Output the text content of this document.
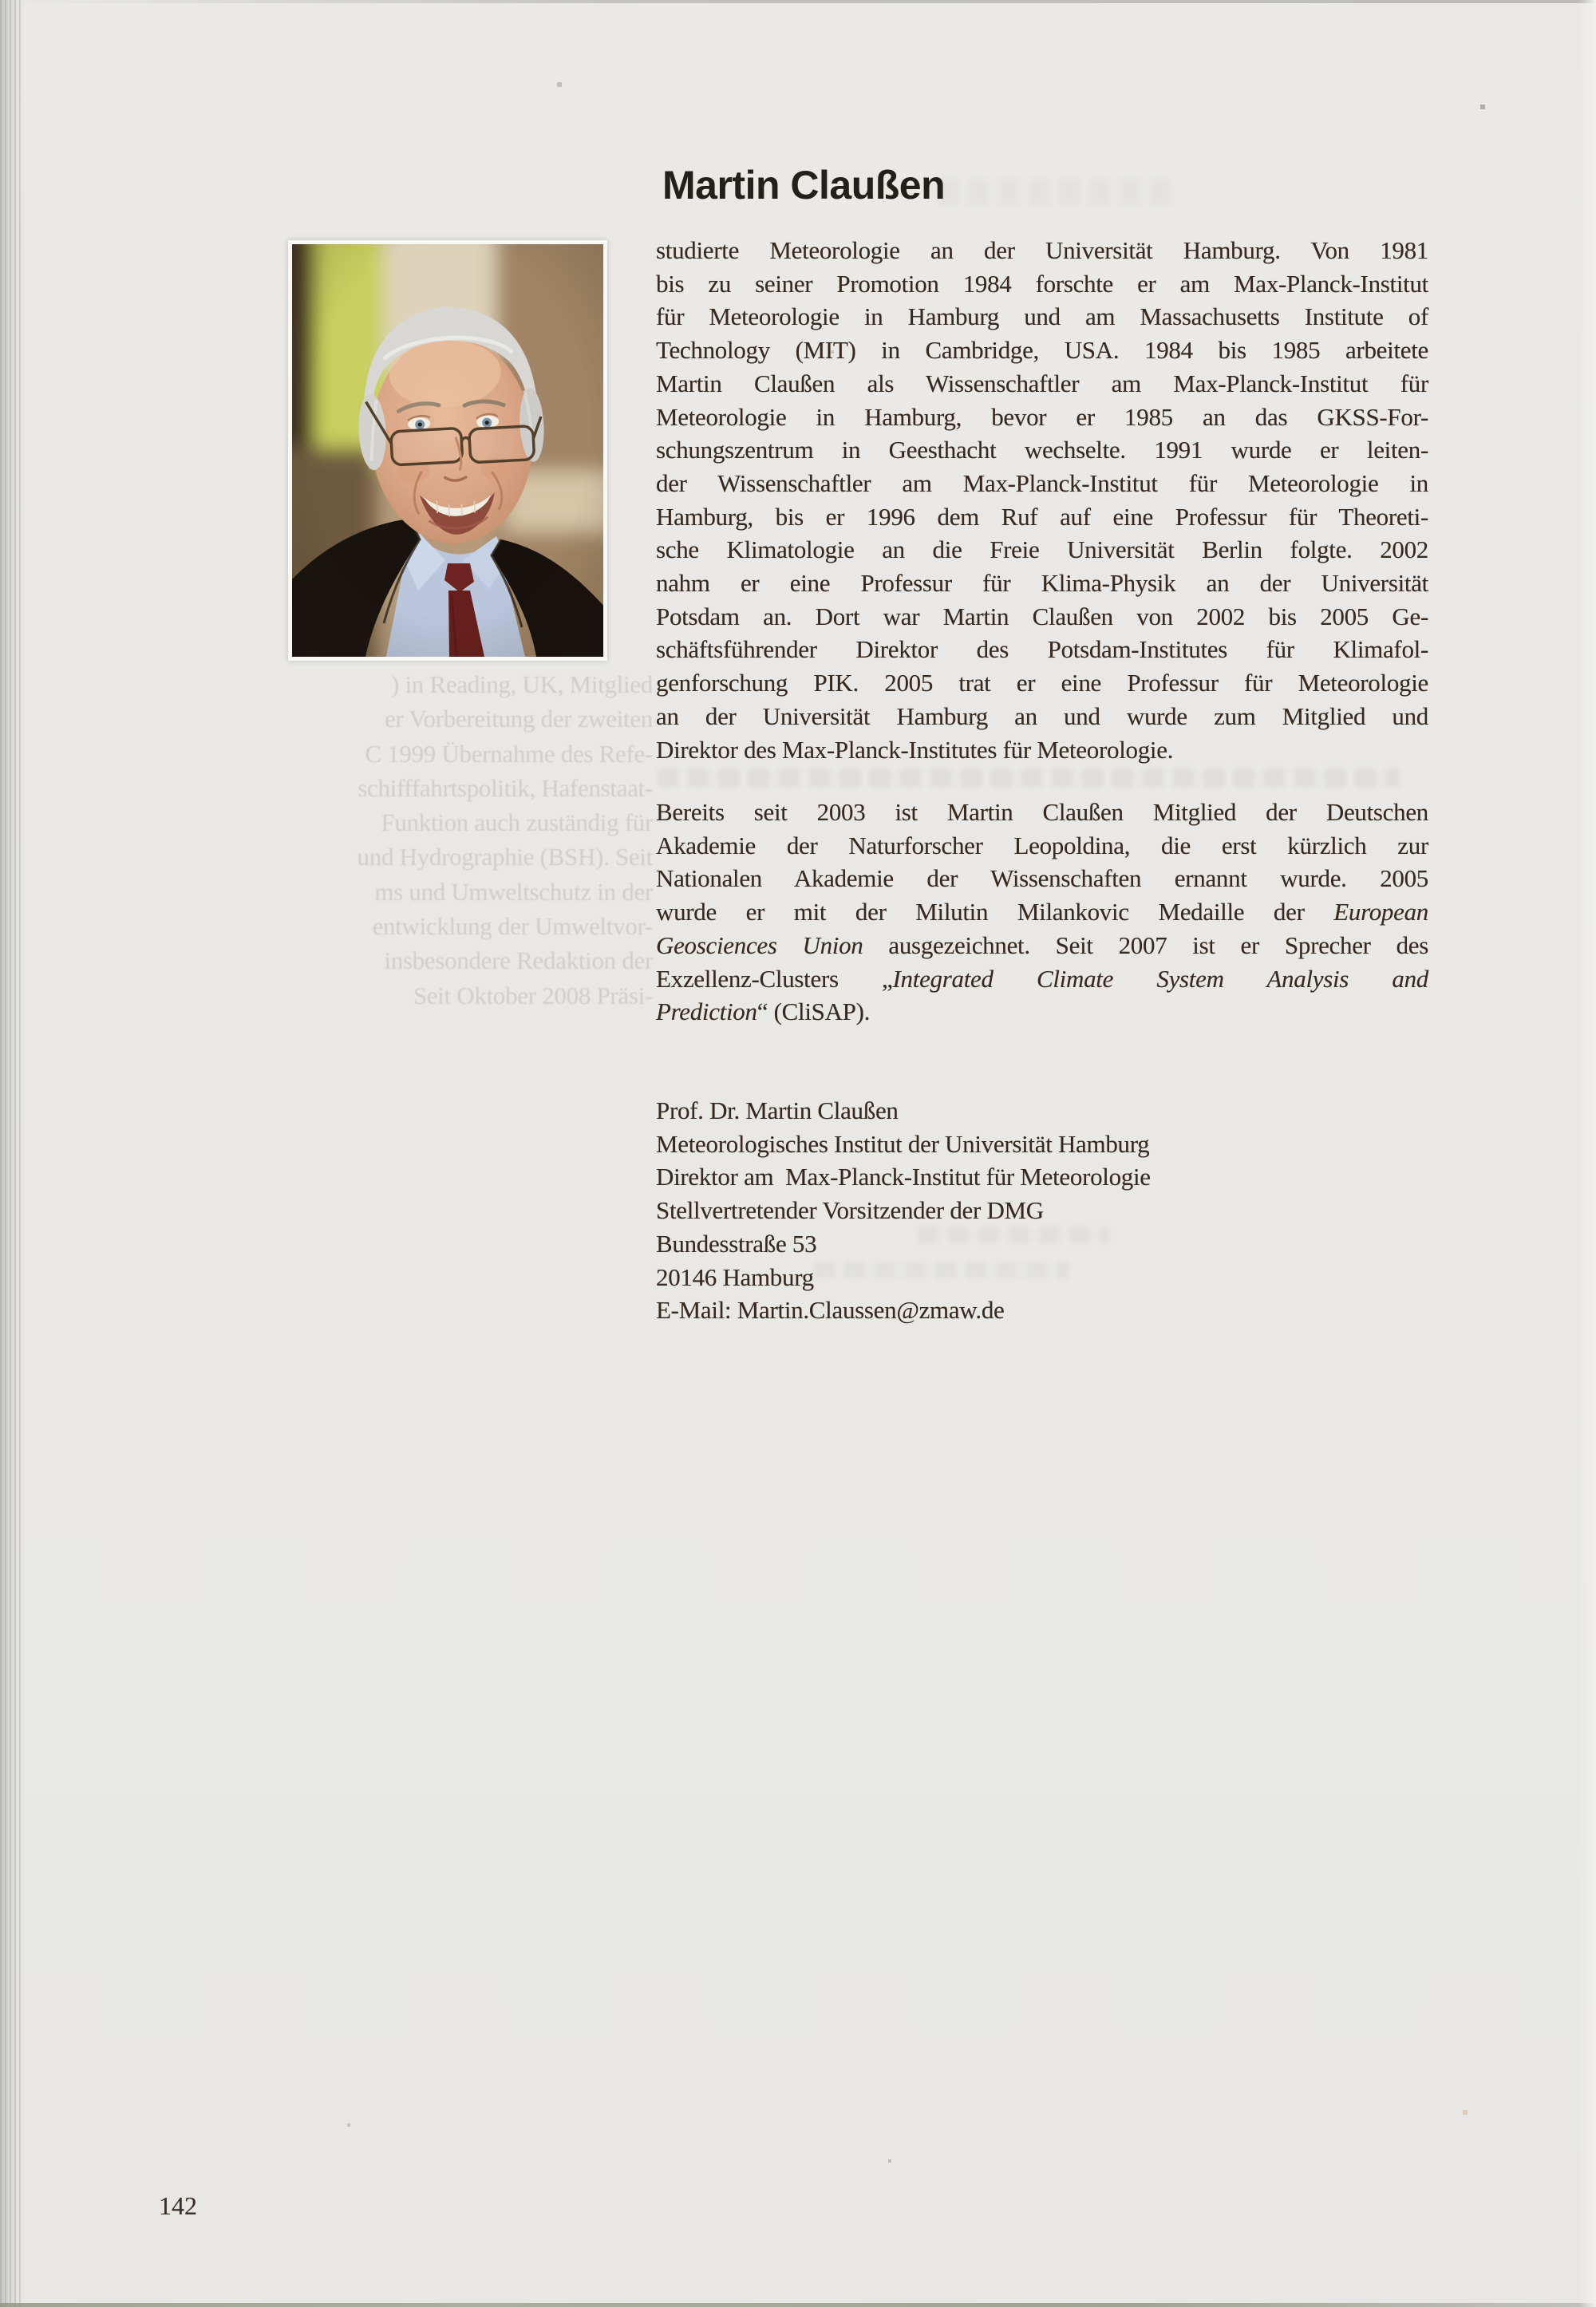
Martin Claußen
) in Reading, UK, Mitglied
er Vorbereitung der zweiten
C 1999 Übernahme des Refe-
schifffahrtspolitik, Hafenstaat-
Funktion auch zuständig für
und Hydrographie (BSH). Seit
ms und Umweltschutz in der
entwicklung der Umweltvor-
insbesondere Redaktion der
Seit Oktober 2008 Präsi-
studierte Meteorologie an der Universität Hamburg. Von 1981
bis zu seiner Promotion 1984 forschte er am Max-Planck-Institut
für Meteorologie in Hamburg und am Massachusetts Institute of
Technology (MIT) in Cambridge, USA. 1984 bis 1985 arbeitete
Martin Claußen als Wissenschaftler am Max-Planck-Institut für
Meteorologie in Hamburg, bevor er 1985 an das GKSS-For-
schungszentrum in Geesthacht wechselte. 1991 wurde er leiten-
der Wissenschaftler am Max-Planck-Institut für Meteorologie in
Hamburg, bis er 1996 dem Ruf auf eine Professur für Theoreti-
sche Klimatologie an die Freie Universität Berlin folgte. 2002
nahm er eine Professur für Klima-Physik an der Universität
Potsdam an. Dort war Martin Claußen von 2002 bis 2005 Ge-
schäftsführender Direktor des Potsdam-Institutes für Klimafol-
genforschung PIK. 2005 trat er eine Professur für Meteorologie
an der Universität Hamburg an und wurde zum Mitglied und
Direktor des Max-Planck-Institutes für Meteorologie.
Bereits seit 2003 ist Martin Claußen Mitglied der Deutschen
Akademie der Naturforscher Leopoldina, die erst kürzlich zur
Nationalen Akademie der Wissenschaften ernannt wurde. 2005
wurde er mit der Milutin Milankovic Medaille der European
Geosciences Union ausgezeichnet. Seit 2007 ist er Sprecher des
Exzellenz-Clusters „Integrated Climate System Analysis and
Prediction“ (CliSAP).
Prof. Dr. Martin Claußen
Meteorologisches Institut der Universität Hamburg
Direktor am  Max-Planck-Institut für Meteorologie
Stellvertretender Vorsitzender der DMG
Bundesstraße 53
20146 Hamburg
E-Mail: Martin.Claussen@zmaw.de
142
